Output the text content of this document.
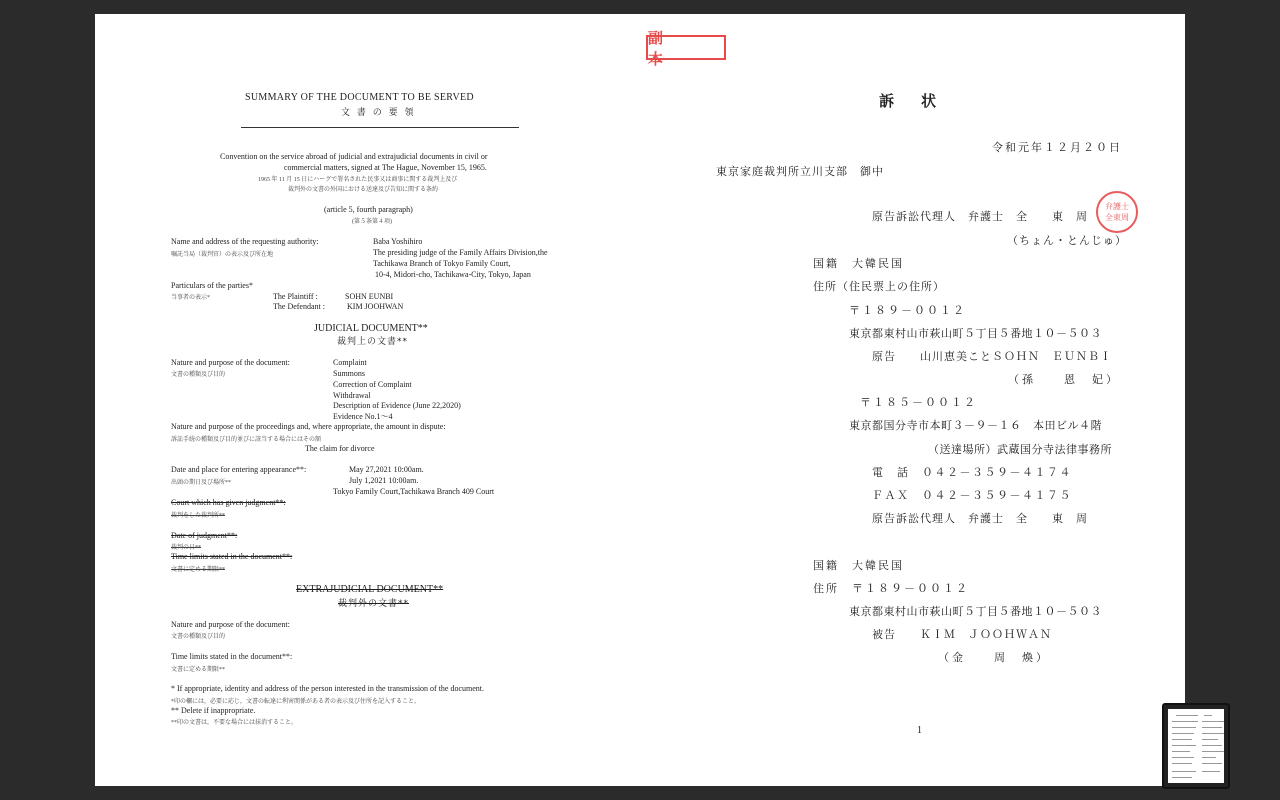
副　本
SUMMARY OF THE DOCUMENT TO BE SERVED
文 書 の 要 領
Convention on the service abroad of judicial and extrajudicial documents in civil or
commercial matters, signed at The Hague, November 15, 1965.
1965 年 11 月 15 日にハーグで署名された民事又は商事に関する裁判上及び
裁判外の文書の外国における送達及び告知に関する条約
(article 5, fourth paragraph)
(第５条第４項)
Name and address of the requesting authority:
嘱託当局（裁判官）の表示及び所在地
Baba Yoshihiro
The presiding judge of the Family Affairs Division,the
Tachikawa Branch of Tokyo Family Court,
10-4, Midori-cho, Tachikawa-City, Tokyo, Japan
Particulars of the parties*
当事者の表示*	The Plaintiff :	SOHN EUNBI
The Defendant :	KIM JOOHWAN
JUDICIAL DOCUMENT**
裁判上の文書**
Nature and purpose of the document:
文書の種類及び目的
Complaint
Summons
Correction of Complaint
Withdrawal
Description of Evidence (June 22,2020)
Evidence No.1～4
Nature and purpose of the proceedings and, where appropriate, the amount in dispute:
訴訟手続の種類及び目的並びに該当する場合にはその額
The claim for divorce
Date and place for entering appearance**:
出頭の期日及び場所**
May 27,2021 10:00am.
July 1,2021 10:00am.
Tokyo Family Court,Tachikawa Branch 409 Court
Court which has given judgment**:
裁判をした裁判所**
Date of judgment**:
裁判の日**
Time limits stated in the document**:
文書に定める期限**
EXTRAJUDICIAL DOCUMENT**
裁判外の文書**
Nature and purpose of the document:
文書の種類及び目的
Time limits stated in the document**:
文書に定める期限**
* If appropriate, identity and address of the person interested in the transmission of the document.
*印の欄には，必要に応じ，文書の転達に利害関係がある者の表示及び住所を記入すること。
** Delete if inappropriate.
**印の文書は，不要な場合には抹消すること。
訴　状
令和元年１２月２０日
東京家庭裁判所立川支部　御中
原告訴訟代理人　弁護士　全　　東　周
弁護士全東周
（ちょん・とんじゅ）
国籍　大韓民国
住所（住民票上の住所）
〒１８９－００１２
東京都東村山市萩山町５丁目５番地１０－５０３
原告　　山川恵美ことＳＯＨＮ　ＥＵＮＢＩ
（孫　　恩　妃）
〒１８５－００１２
東京都国分寺市本町３－９－１６　本田ビル４階
（送達場所）武蔵国分寺法律事務所
電　話　０４２－３５９－４１７４
ＦＡＸ　０４２－３５９－４１７５
原告訴訟代理人　弁護士　全　　東　周
国籍　大韓民国
住所　〒１８９－００１２
東京都東村山市萩山町５丁目５番地１０－５０３
被告　　ＫＩＭ　ＪＯＯＨＷＡＮ
（金　　周　煥）
1
